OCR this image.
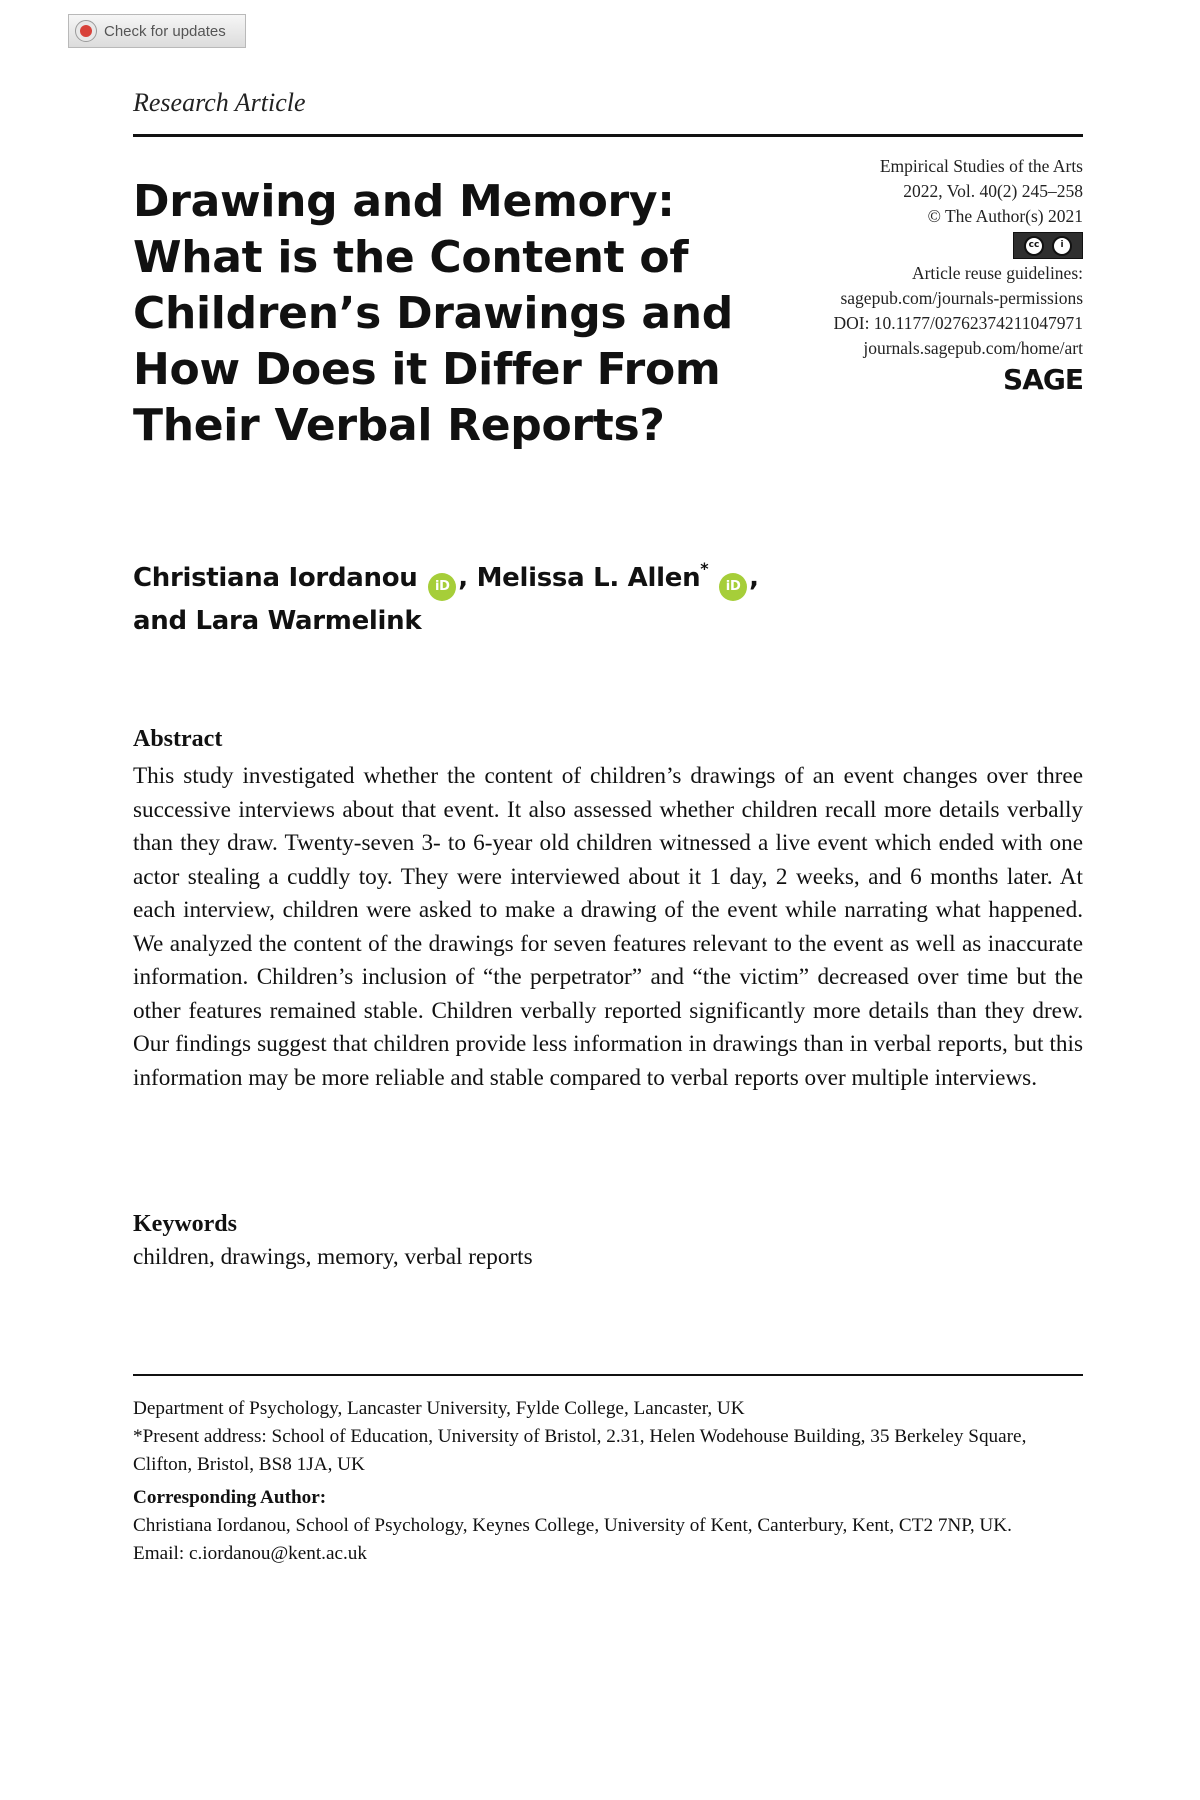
Check for updates
Research Article
Drawing and Memory: What is the Content of Children’s Drawings and How Does it Differ From Their Verbal Reports?
Empirical Studies of the Arts
2022, Vol. 40(2) 245–258
© The Author(s) 2021
cc	i
Article reuse guidelines:
sagepub.com/journals-permissions
DOI: 10.1177/02762374211047971
journals.sagepub.com/home/art
SAGE
Christiana Iordanou iD , Melissa L. Allen* iD ,
and Lara Warmelink
Abstract

This study investigated whether the content of children’s drawings of an event changes over three successive interviews about that event. It also assessed whether children recall more details verbally than they draw. Twenty-seven 3- to 6-year old children witnessed a live event which ended with one actor stealing a cuddly toy. They were interviewed about it 1 day, 2 weeks, and 6 months later. At each interview, children were asked to make a drawing of the event while narrating what happened. We analyzed the content of the drawings for seven features relevant to the event as well as inaccurate information. Children’s inclusion of “the perpetrator” and “the victim” decreased over time but the other features remained stable. Children verbally reported significantly more details than they drew. Our findings suggest that children provide less information in drawings than in verbal reports, but this information may be more reliable and stable compared to verbal reports over multiple interviews.

Keywords
children, drawings, memory, verbal reports

Department of Psychology, Lancaster University, Fylde College, Lancaster, UK

*Present address: School of Education, University of Bristol, 2.31, Helen Wodehouse Building, 35 Berkeley Square, Clifton, Bristol, BS8 1JA, UK

Corresponding Author:

Christiana Iordanou, School of Psychology, Keynes College, University of Kent, Canterbury, Kent, CT2 7NP, UK.

Email: c.iordanou@kent.ac.uk
